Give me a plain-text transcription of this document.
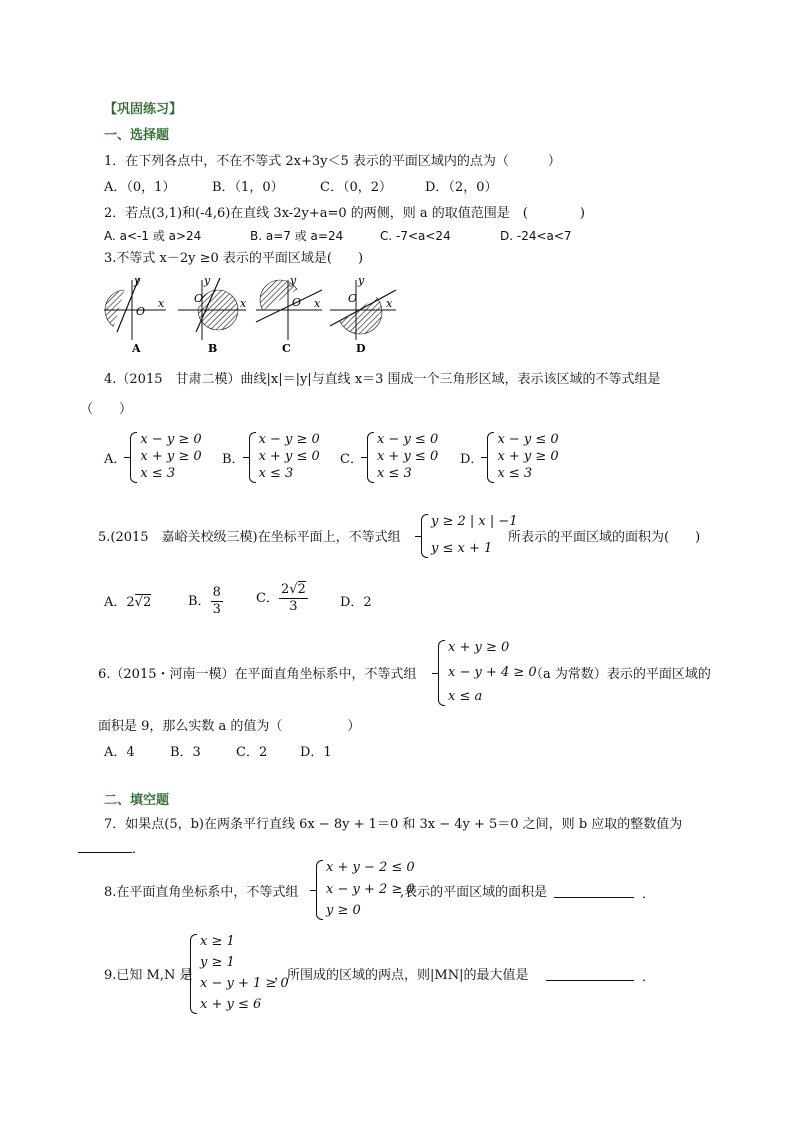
【巩固练习】
一、选择题
1．在下列各点中，不在不等式 2x+3y＜5 表示的平面区域内的点为（　　　）
A．（0，1）	B．（1，0）	C．（0，2）	D．（2，0）
2．若点(3,1)和(-4,6)在直线 3x-2y+a=0 的两侧，则 a 的取值范围是　(　　　　)
A. a<-1 或 a>24	B. a=7 或 a=24	C. -7<a<24	D. -24<a<7
3.不等式 x－2y ≥0 表示的平面区域是(　　)
O
x
y
A
O	x
y
B
O x
y
C
O	x
y
D
4.（2015　甘肃二模）曲线|x|＝|y|与直线 x＝3 围成一个三角形区域，表示该区域的不等式组是
（　　）
A．
x − y ≥ 0
x + y ≥ 0
x ≤ 3
B．
x − y ≥ 0
x + y ≤ 0
x ≤ 3
C．
x − y ≤ 0
x + y ≤ 0
x ≤ 3
D．
x − y ≤ 0
x + y ≥ 0
x ≤ 3
5.(2015　嘉峪关校级三模)在坐标平面上，不等式组
y ≥ 2 | x | −1
y ≤ x + 1
所表示的平面区域的面积为(　　)
A．2√2	B． $\frac{8}{3}$	C． $\frac{2√2}{3}$ D．2
6.（2015・河南一模）在平面直角坐标系中，不等式组
x + y ≥ 0
x − y + 4 ≥ 0
x ≤ a
（a 为常数）表示的平面区域的
面积是 9，那么实数 a 的值为（　　　　　）
A．4	B．3	C．2	D．1
二、填空题
7．如果点(5，b)在两条平行直线 6x − 8y + 1＝0 和 3x − 4y + 5＝0 之间，则 b 应取的整数值为
．
8.在平面直角坐标系中，不等式组
x + y − 2 ≤ 0
x − y + 2 ≥ 0
y ≥ 0
,表示的平面区域的面积是	．
9.已知 M,N 是
x ≥ 1
y ≥ 1
x − y + 1 ≥ 0
x + y ≤ 6
，所围成的区域的两点，则|MN|的最大值是	．
